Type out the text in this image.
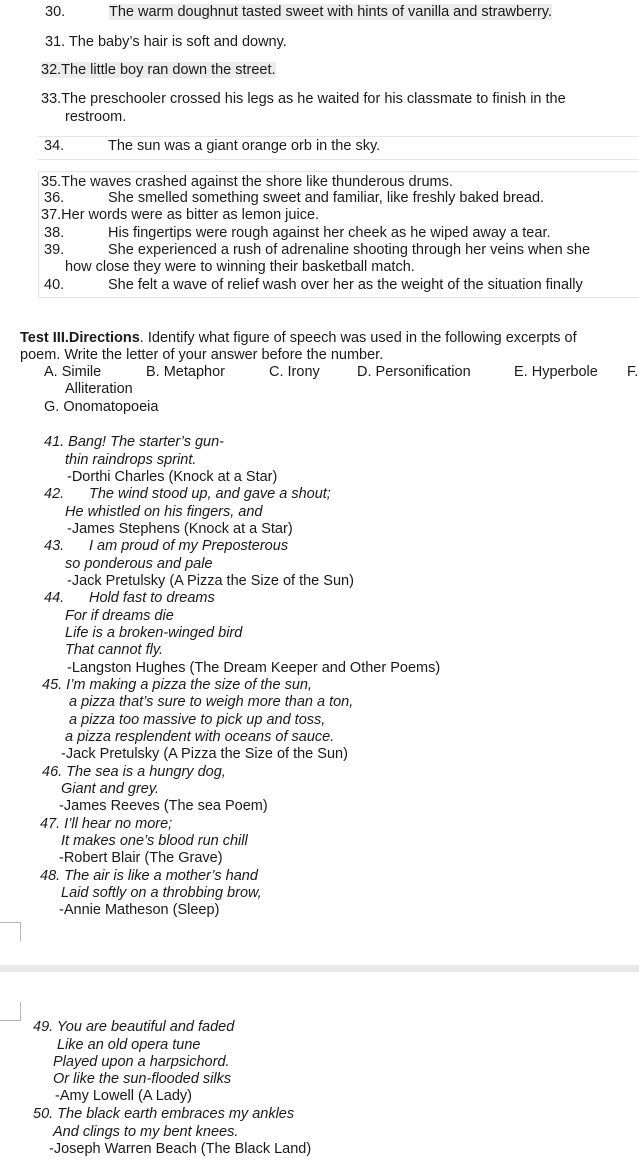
30.	The warm doughnut tasted sweet with hints of vanilla and strawberry.
31. The baby’s hair is soft and downy.
32.The little boy ran down the street.
33.The preschooler crossed his legs as he waited for his classmate to finish in the
restroom.
34.	The sun was a giant orange orb in the sky.
35.The waves crashed against the shore like thunderous drums.
36.	She smelled something sweet and familiar, like freshly baked bread.
37.Her words were as bitter as lemon juice.
38.	His fingertips were rough against her cheek as he wiped away a tear.
39.	She experienced a rush of adrenaline shooting through her veins when she
how close they were to winning their basketball match.
40.	She felt a wave of relief wash over her as the weight of the situation finally
Test III.Directions. Identify what figure of speech was used in the following excerpts of
poem. Write the letter of your answer before the number.
A. Simile	B. Metaphor	C. Irony	D. Personification	E. Hyperbole F.
Alliteration
G. Onomatopoeia
41. Bang! The starter’s gun-
thin raindrops sprint.
-Dorthi Charles (Knock at a Star)
42. The wind stood up, and gave a shout;
He whistled on his fingers, and
-James Stephens (Knock at a Star)
43. I am proud of my Preposterous
so ponderous and pale
-Jack Pretulsky (A Pizza the Size of the Sun)
44. Hold fast to dreams
For if dreams die
Life is a broken-winged bird
That cannot fly.
-Langston Hughes (The Dream Keeper and Other Poems)
45. I’m making a pizza the size of the sun,
a pizza that’s sure to weigh more than a ton,
a pizza too massive to pick up and toss,
a pizza resplendent with oceans of sauce.
-Jack Pretulsky (A Pizza the Size of the Sun)
46. The sea is a hungry dog,
Giant and grey.
-James Reeves (The sea Poem)
47. I’ll hear no more;
It makes one’s blood run chill
-Robert Blair (The Grave)
48. The air is like a mother’s hand
Laid softly on a throbbing brow,
-Annie Matheson (Sleep)
49. You are beautiful and faded
Like an old opera tune
Played upon a harpsichord.
Or like the sun-flooded silks
-Amy Lowell (A Lady)
50. The black earth embraces my ankles
And clings to my bent knees.
-Joseph Warren Beach (The Black Land)
